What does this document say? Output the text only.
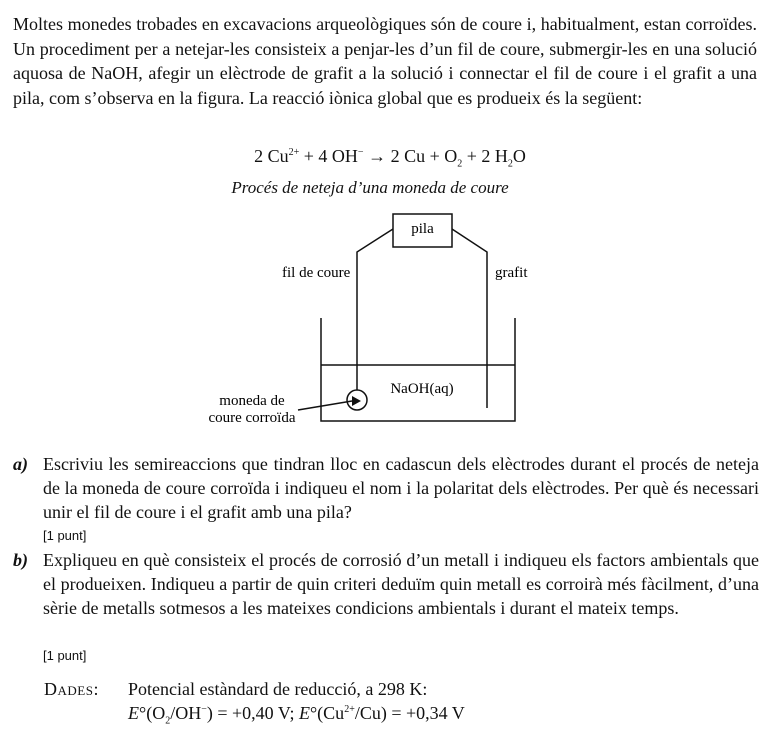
Moltes monedes trobades en excavacions arqueològiques són de coure i, habitualment, estan corroïdes. Un procediment per a netejar-les consisteix a penjar-les d’un fil de coure, submergir-les en una solució aquosa de NaOH, afegir un elèctrode de grafit a la solució i connectar el fil de coure i el grafit a una pila, com s’observa en la figura. La reacció iònica global que es produeix és la següent:

2 $Cu^{2+} + 4$ OH− → 2 $Cu + O_2 + 2$ $H_2O$
Procés de neteja d’una moneda de coure
pila
fil de coure	grafit
NaOH(aq)
moneda de
coure corroïda
a) Escriviu les semireaccions que tindran lloc en cadascun dels elèctrodes durant el procés de neteja de la moneda de coure corroïda i indiqueu el nom i la polaritat dels elèctrodes. Per què és necessari unir el fil de coure i el grafit amb una pila?
[1 punt]
b) Expliqueu en què consisteix el procés de corrosió d’un metall i indiqueu els factors ambientals que el produeixen. Indiqueu a partir de quin criteri deduïm quin metall es corroirà més fàcilment, d’una sèrie de metalls sotmesos a les mateixes condicions ambientals i durant el mateix temps.
[1 punt]
Dades: Potencial estàndard de reducció, a 298 K:
$E^\circ(O_2/OH^-) = +0,40$ V; $E^\circ(Cu^{2+}/Cu) = +0,34$ V
